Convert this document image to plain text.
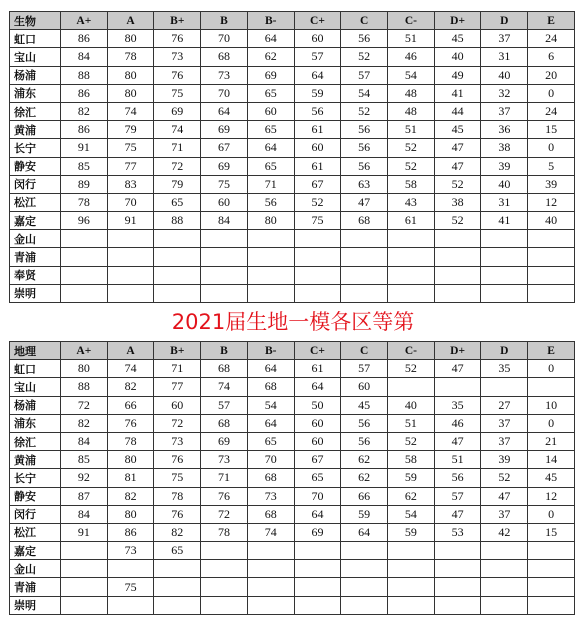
生物	A+	A	B+	B	B-	C+	C	C-	D+	D	E
虹口	86	80	76	70	64	60	56	51	45	37	24
宝山	84	78	73	68	62	57	52	46	40	31	6
杨浦	88	80	76	73	69	64	57	54	49	40	20
浦东	86	80	75	70	65	59	54	48	41	32	0
徐汇	82	74	69	64	60	56	52	48	44	37	24
黄浦	86	79	74	69	65	61	56	51	45	36	15
长宁	91	75	71	67	64	60	56	52	47	38	0
静安	85	77	72	69	65	61	56	52	47	39	5
闵行	89	83	79	75	71	67	63	58	52	40	39
松江	78	70	65	60	56	52	47	43	38	31	12
嘉定	96	91	88	84	80	75	68	61	52	41	40
金山											
青浦											
奉贤											
崇明											
2021届生地一模各区等第
地理	A+	A	B+	B	B-	C+	C	C-	D+	D	E
虹口	80	74	71	68	64	61	57	52	47	35	0
宝山	88	82	77	74	68	64	60				
杨浦	72	66	60	57	54	50	45	40	35	27	10
浦东	82	76	72	68	64	60	56	51	46	37	0
徐汇	84	78	73	69	65	60	56	52	47	37	21
黄浦	85	80	76	73	70	67	62	58	51	39	14
长宁	92	81	75	71	68	65	62	59	56	52	45
静安	87	82	78	76	73	70	66	62	57	47	12
闵行	84	80	76	72	68	64	59	54	47	37	0
松江	91	86	82	78	74	69	64	59	53	42	15
嘉定		73	65								
金山											
青浦		75									
崇明											
